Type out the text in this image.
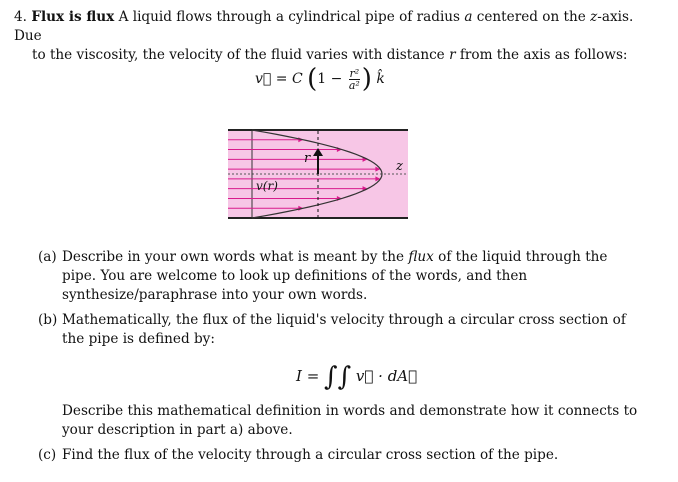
4. Flux is flux A liquid flows through a cylindrical pipe of radius a centered on the z-axis. Due
to the viscosity, the velocity of the fluid varies with distance r from the axis as follows:
v⃗ = C ($1 - \frac{\text{r²}}{\text{a²}}$ ) k̂
r
z
v(r)
(a) Describe in your own words what is meant by the flux of the liquid through the pipe. You are welcome to look up definitions of the words, and then synthesize/paraphrase into your own words.
(b) Mathematically, the flux of the liquid's velocity through a circular cross section of the pipe is defined by:
I = ∫∫ v⃗ · dA⃗
Describe this mathematical definition in words and demonstrate how it connects to your description in part a) above.
(c) Find the flux of the velocity through a circular cross section of the pipe.
